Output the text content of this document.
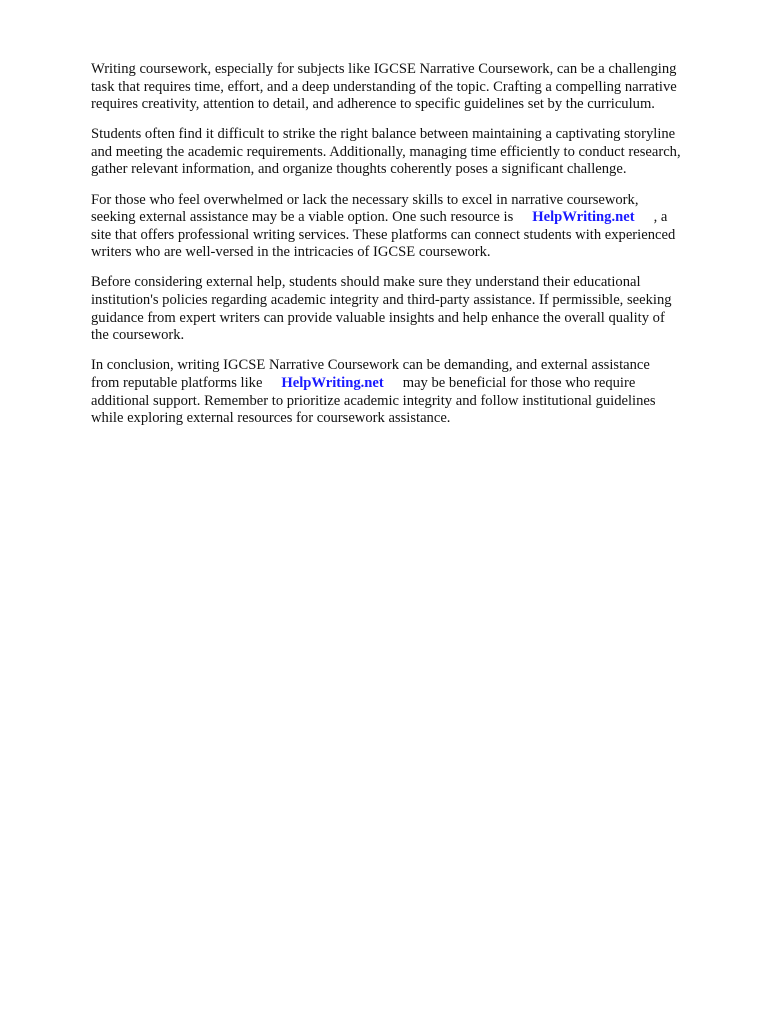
Writing coursework, especially for subjects like IGCSE Narrative Coursework, can be a challenging
task that requires time, effort, and a deep understanding of the topic. Crafting a compelling narrative
requires creativity, attention to detail, and adherence to specific guidelines set by the curriculum.

Students often find it difficult to strike the right balance between maintaining a captivating storyline
and meeting the academic requirements. Additionally, managing time efficiently to conduct research,
gather relevant information, and organize thoughts coherently poses a significant challenge.

For those who feel overwhelmed or lack the necessary skills to excel in narrative coursework,
seeking external assistance may be a viable option. One such resource is HelpWriting.net , a
site that offers professional writing services. These platforms can connect students with experienced
writers who are well-versed in the intricacies of IGCSE coursework.

Before considering external help, students should make sure they understand their educational
institution's policies regarding academic integrity and third-party assistance. If permissible, seeking
guidance from expert writers can provide valuable insights and help enhance the overall quality of
the coursework.

In conclusion, writing IGCSE Narrative Coursework can be demanding, and external assistance
from reputable platforms like HelpWriting.net may be beneficial for those who require
additional support. Remember to prioritize academic integrity and follow institutional guidelines
while exploring external resources for coursework assistance.
